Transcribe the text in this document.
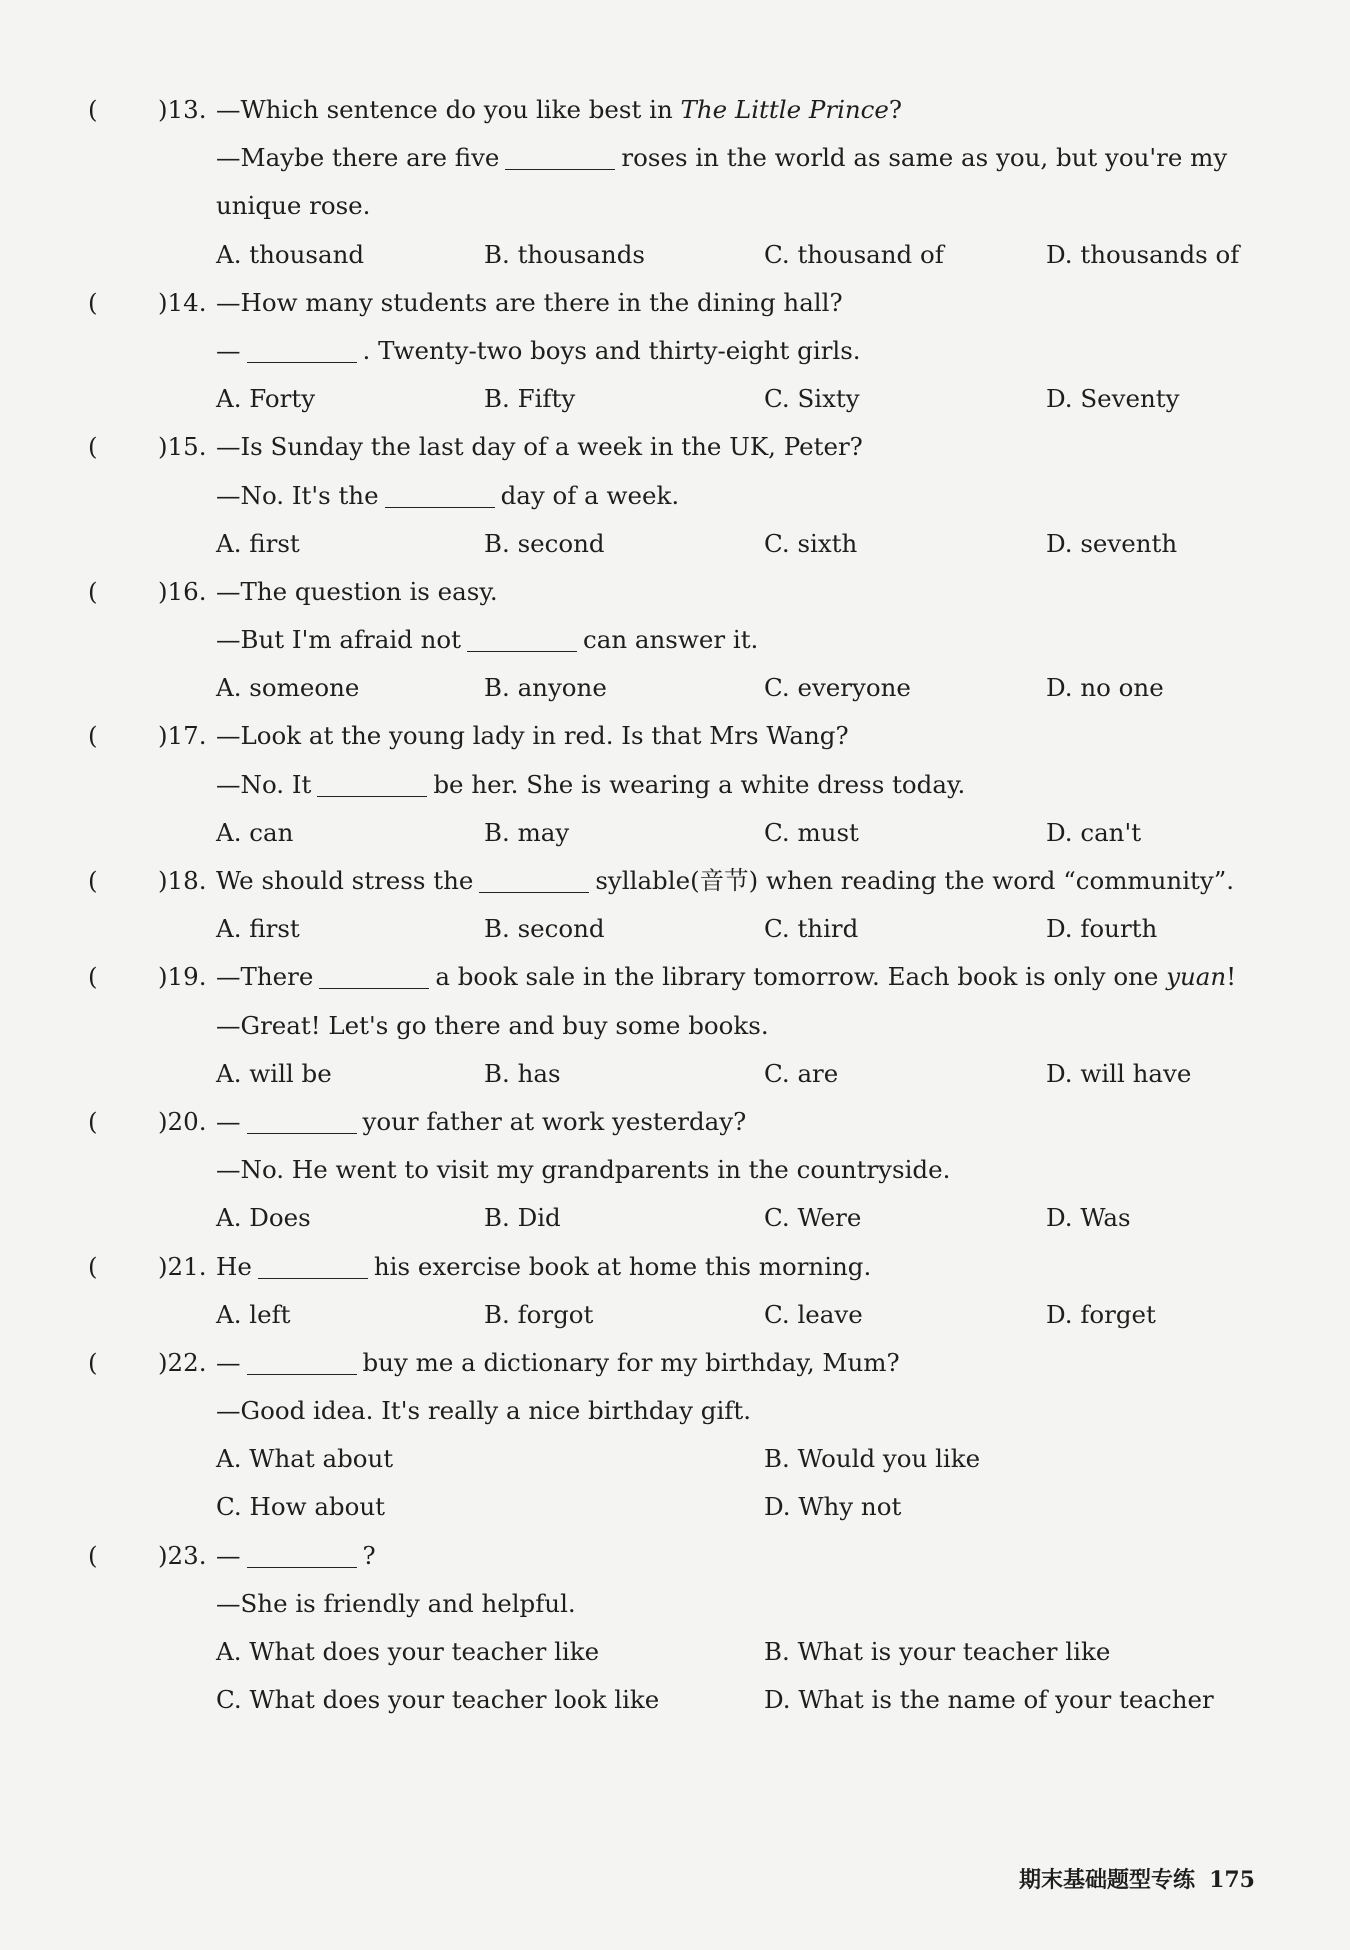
( )13. —Which sentence do you like best in The Little Prince?
—Maybe there are five	roses in the world as same as you, but you're my
unique rose.
A. thousand	B. thousands	C. thousand of	D. thousands of
( )14. —How many students are there in the dining hall?
—	. Twenty-two boys and thirty-eight girls.
A. Forty	B. Fifty	C. Sixty	D. Seventy
( )15. —Is Sunday the last day of a week in the UK, Peter?
—No. It's the	day of a week.
A. first	B. second	C. sixth	D. seventh
( )16. —The question is easy.
—But I'm afraid not	can answer it.
A. someone	B. anyone	C. everyone	D. no one
( )17. —Look at the young lady in red. Is that Mrs Wang?
—No. It	be her. She is wearing a white dress today.
A. can	B. may	C. must	D. can't
( )18. We should stress the	syllable(音节) when reading the word “community”.
A. first	B. second	C. third	D. fourth
( )19. —There	a book sale in the library tomorrow. Each book is only one yuan!
—Great! Let's go there and buy some books.
A. will be	B. has	C. are	D. will have
( )20. —	your father at work yesterday?
—No. He went to visit my grandparents in the countryside.
A. Does	B. Did	C. Were	D. Was
( )21. He	his exercise book at home this morning.
A. left	B. forgot	C. leave	D. forget
( )22. —	buy me a dictionary for my birthday, Mum?
—Good idea. It's really a nice birthday gift.
A. What about	B. Would you like
C. How about	D. Why not
( )23. —	?
—She is friendly and helpful.
A. What does your teacher like	B. What is your teacher like
C. What does your teacher look like	D. What is the name of your teacher
期末基础题型专练 175
